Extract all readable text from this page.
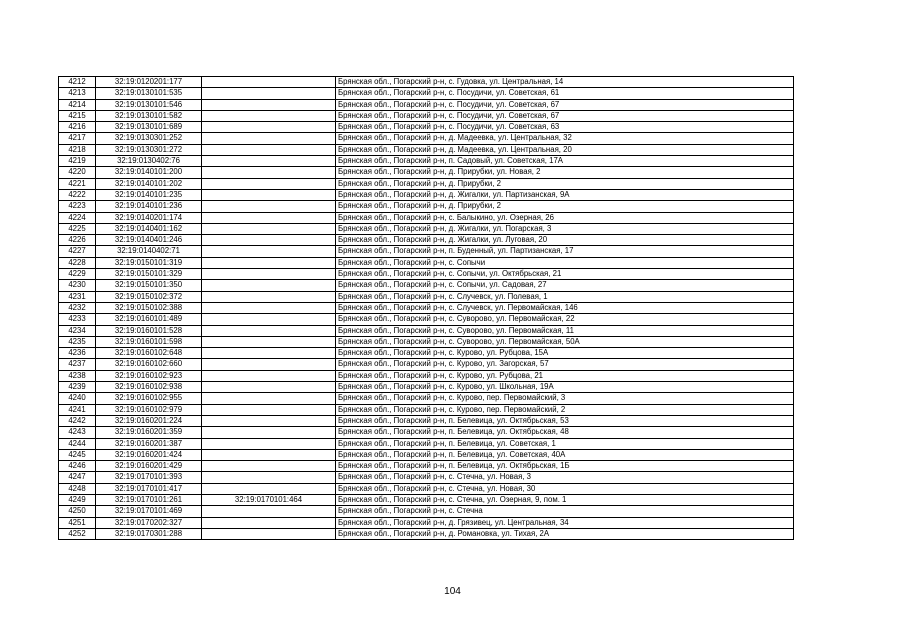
4212	32:19:0120201:177		Брянская обл., Погарский р-н, с. Гудовка, ул. Центральная, 14
4213	32:19:0130101:535		Брянская обл., Погарский р-н, с. Посудичи, ул. Советская, 61
4214	32:19:0130101:546		Брянская обл., Погарский р-н, с. Посудичи, ул. Советская, 67
4215	32:19:0130101:582		Брянская обл., Погарский р-н, с. Посудичи, ул. Советская, 67
4216	32:19:0130101:689		Брянская обл., Погарский р-н, с. Посудичи, ул. Советская, 63
4217	32:19:0130301:252		Брянская обл., Погарский р-н, д. Мадеевка, ул. Центральная, 32
4218	32:19:0130301:272		Брянская обл., Погарский р-н, д. Мадеевка, ул. Центральная, 20
4219	32:19:0130402:76		Брянская обл., Погарский р-н, п. Садовый, ул. Советская, 17А
4220	32:19:0140101:200		Брянская обл., Погарский р-н, д. Прирубки, ул. Новая, 2
4221	32:19:0140101:202		Брянская обл., Погарский р-н, д. Прирубки, 2
4222	32:19:0140101:235		Брянская обл., Погарский р-н, д. Жигалки, ул. Партизанская, 9А
4223	32:19:0140101:236		Брянская обл., Погарский р-н, д. Прирубки, 2
4224	32:19:0140201:174		Брянская обл., Погарский р-н, с. Балыкино, ул. Озерная, 26
4225	32:19:0140401:162		Брянская обл., Погарский р-н, д. Жигалки, ул. Погарская, 3
4226	32:19:0140401:246		Брянская обл., Погарский р-н, д. Жигалки, ул. Луговая, 20
4227	32:19:0140402:71		Брянская обл., Погарский р-н, п. Буденный, ул. Партизанская, 17
4228	32:19:0150101:319		Брянская обл., Погарский р-н, с. Сопычи
4229	32:19:0150101:329		Брянская обл., Погарский р-н, с. Сопычи, ул. Октябрьская, 21
4230	32:19:0150101:350		Брянская обл., Погарский р-н, с. Сопычи, ул. Садовая, 27
4231	32:19:0150102:372		Брянская обл., Погарский р-н, с. Случевск, ул. Полевая, 1
4232	32:19:0150102:388		Брянская обл., Погарский р-н, с. Случевск, ул. Первомайская, 146
4233	32:19:0160101:489		Брянская обл., Погарский р-н, с. Суворово, ул. Первомайская, 22
4234	32:19:0160101:528		Брянская обл., Погарский р-н, с. Суворово, ул. Первомайская, 11
4235	32:19:0160101:598		Брянская обл., Погарский р-н, с. Суворово, ул. Первомайская, 50А
4236	32:19:0160102:648		Брянская обл., Погарский р-н, с. Курово, ул. Рубцова, 15А
4237	32:19:0160102:660		Брянская обл., Погарский р-н, с. Курово, ул. Загорская, 57
4238	32:19:0160102:923		Брянская обл., Погарский р-н, с. Курово, ул. Рубцова, 21
4239	32:19:0160102:938		Брянская обл., Погарский р-н, с. Курово, ул. Школьная, 19А
4240	32:19:0160102:955		Брянская обл., Погарский р-н, с. Курово, пер. Первомайский, 3
4241	32:19:0160102:979		Брянская обл., Погарский р-н, с. Курово, пер. Первомайский, 2
4242	32:19:0160201:224		Брянская обл., Погарский р-н, п. Белевица, ул. Октябрьская, 53
4243	32:19:0160201:359		Брянская обл., Погарский р-н, п. Белевица, ул. Октябрьская, 48
4244	32:19:0160201:387		Брянская обл., Погарский р-н, п. Белевица, ул. Советская, 1
4245	32:19:0160201:424		Брянская обл., Погарский р-н, п. Белевица, ул. Советская, 40А
4246	32:19:0160201:429		Брянская обл., Погарский р-н, п. Белевица, ул. Октябрьская, 1Б
4247	32:19:0170101:393		Брянская обл., Погарский р-н, с. Стечна, ул. Новая, 3
4248	32:19:0170101:417		Брянская обл., Погарский р-н, с. Стечна, ул. Новая, 30
4249	32:19:0170101:261	32:19:0170101:464	Брянская обл., Погарский р-н, с. Стечна, ул. Озерная, 9, пом. 1
4250	32:19:0170101:469		Брянская обл., Погарский р-н, с. Стечна
4251	32:19:0170202:327		Брянская обл., Погарский р-н, д. Грязивец, ул. Центральная, 34
4252	32:19:0170301:288		Брянская обл., Погарский р-н, д. Романовка, ул. Тихая, 2А
104
